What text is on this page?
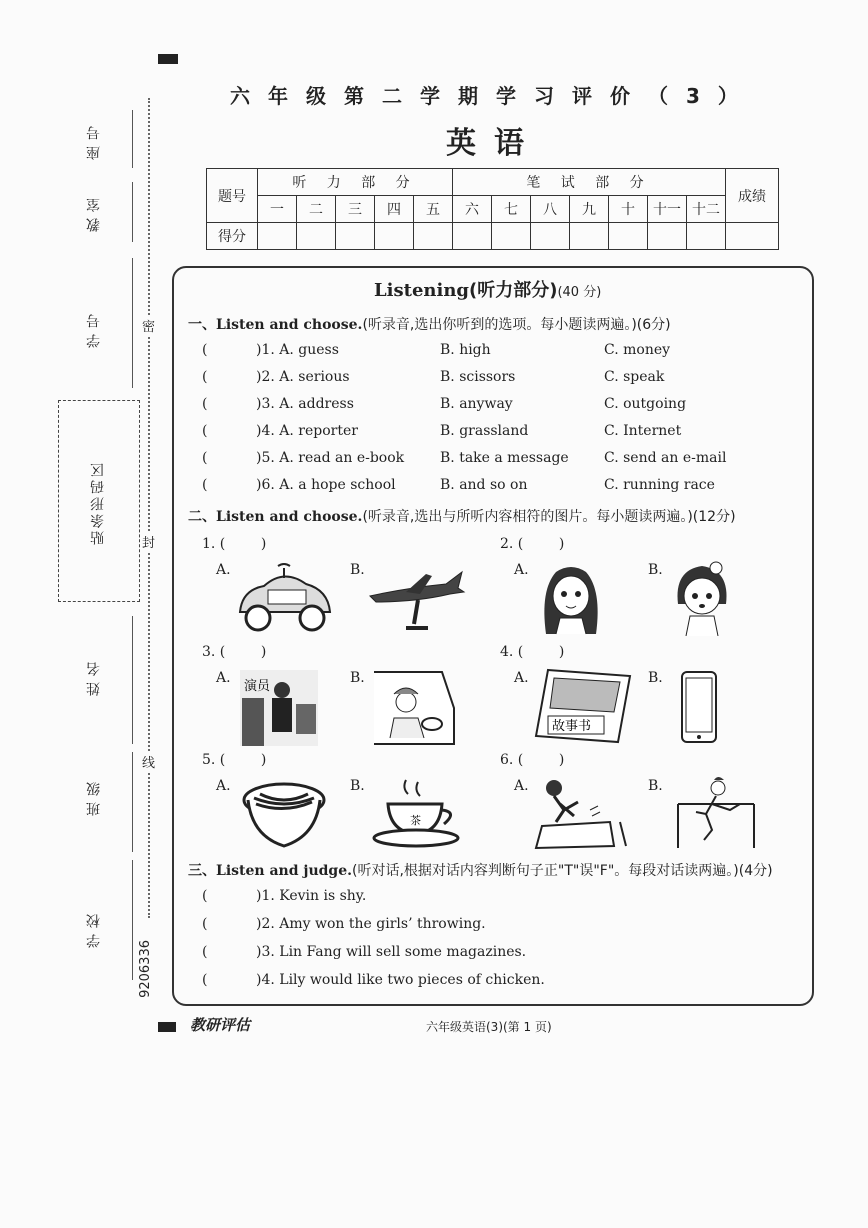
座号
教室
学号
贴条形码区
姓名
班级
学校
9206336
密
封
线
六年级第二学期学习评价（3）
英语
题号	听 力 部 分					笔 试 部 分							成绩
	一	二	三	四	五	六	七	八	九	十	十一	十二	
得分													
Listening(听力部分)(40 分)
一、Listen and choose.(听录音,选出你听到的选项。每小题读两遍。)(6分)
(	)1. A. guess	B. high	C. money
(	)2. A. serious	B. scissors	C. speak
(	)3. A. address	B. anyway	C. outgoing
(	)4. A. reporter	B. grassland	C. Internet
(	)5. A. read an e-book	B. take a message	C. send an e-mail
(	)6. A. a hope school	B. and so on	C. running race
二、Listen and choose.(听录音,选出与所听内容相符的图片。每小题读两遍。)(12分)
1. (        )	2. (        )
3. (        )	4. (        )
5. (        )	6. (        )
A.	B.	A.	B.
A.	B.	A.	B.
A.	B.	A.	B.
演员
故事书
茶
三、Listen and judge.(听对话,根据对话内容判断句子正"T"误"F"。每段对话读两遍。)(4分)
(	)1. Kevin is shy.
(	)2. Amy won the girls’ throwing.
(	)3. Lin Fang will sell some magazines.
(	)4. Lily would like two pieces of chicken.
教研评估	六年级英语(3)(第 1 页)
